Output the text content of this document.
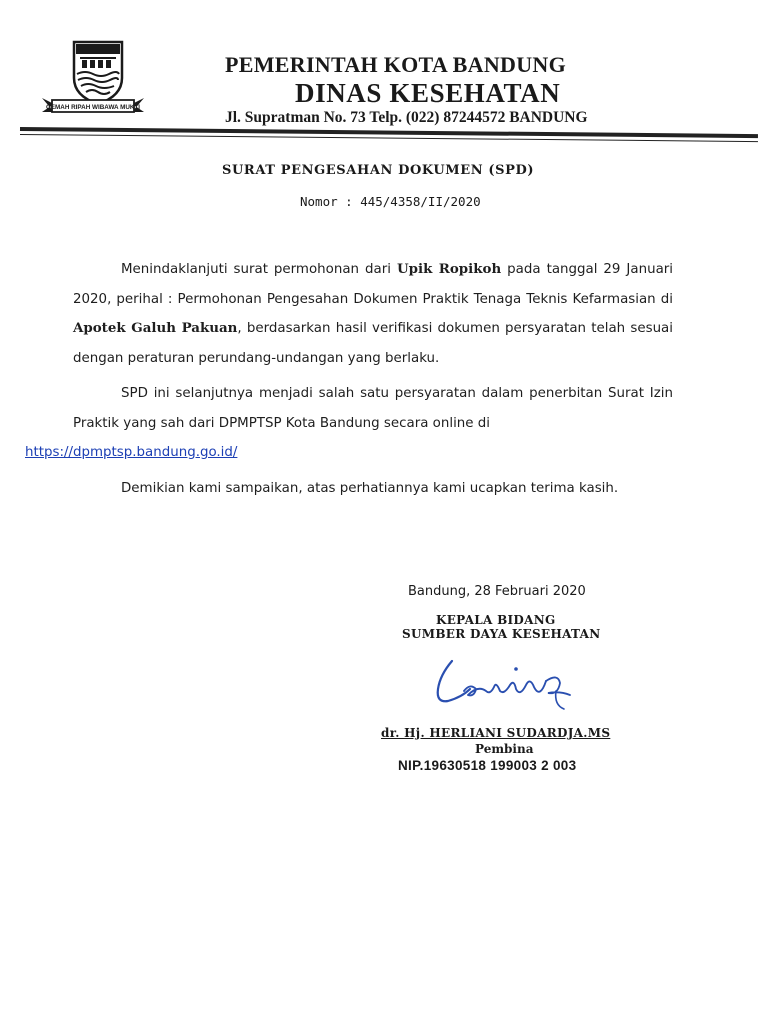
GEMAH RIPAH WIBAWA MUKTI
PEMERINTAH KOTA BANDUNG
DINAS KESEHATAN
Jl. Supratman No. 73 Telp. (022) 87244572 BANDUNG
SURAT PENGESAHAN DOKUMEN (SPD)
Nomor : 445/4358/II/2020

Menindaklanjuti surat permohonan dari Upik Ropikoh pada tanggal 29 Januari 2020, perihal : Permohonan Pengesahan Dokumen Praktik Tenaga Teknis Kefarmasian di Apotek Galuh Pakuan, berdasarkan hasil verifikasi dokumen persyaratan telah sesuai dengan peraturan perundang-undangan yang berlaku.

SPD ini selanjutnya menjadi salah satu persyaratan dalam penerbitan Surat Izin Praktik yang sah dari DPMPTSP Kota Bandung secara online di
https://dpmptsp.bandung.go.id/

Demikian kami sampaikan, atas perhatiannya kami ucapkan terima kasih.

Bandung, 28 Februari 2020
KEPALA BIDANG
SUMBER DAYA KESEHATAN
dr. Hj. HERLIANI SUDARDJA.MS
Pembina
NIP.19630518 199003 2 003
